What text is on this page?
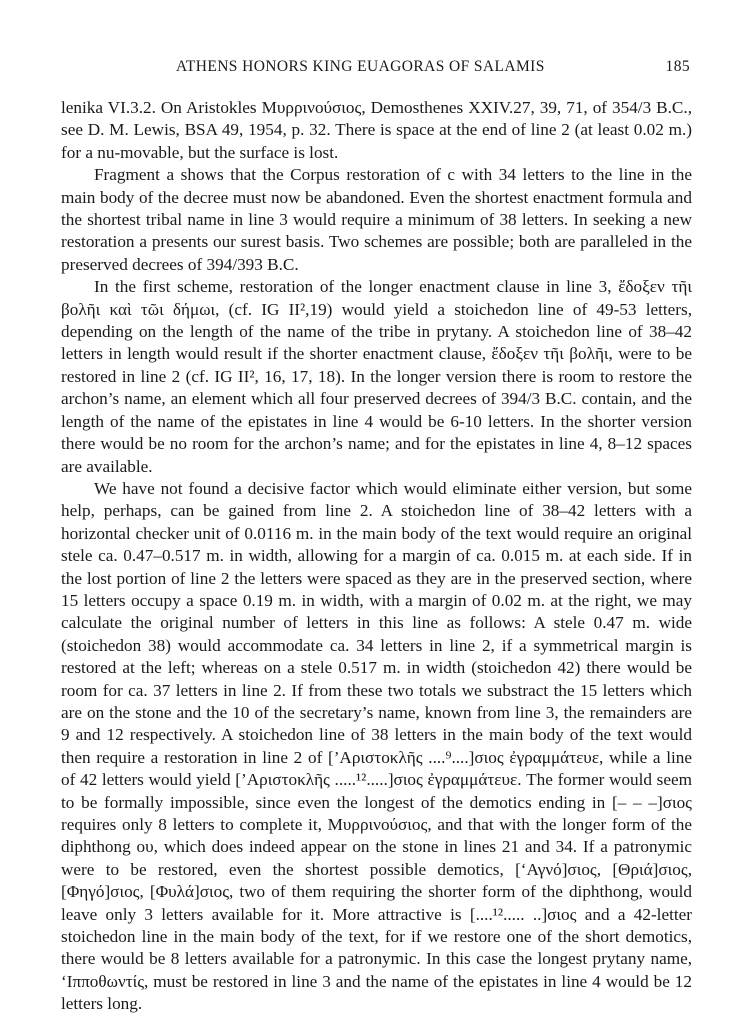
ATHENS HONORS KING EUAGORAS OF SALAMIS	185

lenika VI.3.2. On Aristokles Μυρρινούσιος, Demosthenes XXIV.27, 39, 71, of 354/3 B.C., see D. M. Lewis, BSA 49, 1954, p. 32. There is space at the end of line 2 (at least 0.02 m.) for a nu-movable, but the surface is lost.

Fragment a shows that the Corpus restoration of c with 34 letters to the line in the main body of the decree must now be abandoned. Even the shortest enactment formula and the shortest tribal name in line 3 would require a minimum of 38 letters. In seeking a new restoration a presents our surest basis. Two schemes are possible; both are paralleled in the preserved decrees of 394/393 B.C.

In the first scheme, restoration of the longer enactment clause in line 3, ἔδοξεν τῆι βολῆι καὶ τῶι δήμωι, (cf. IG II²,19) would yield a stoichedon line of 49-53 letters, depending on the length of the name of the tribe in prytany. A stoichedon line of 38–42 letters in length would result if the shorter enactment clause, ἔδοξεν τῆι βολῆι, were to be restored in line 2 (cf. IG II², 16, 17, 18). In the longer version there is room to restore the archon’s name, an element which all four preserved decrees of 394/3 B.C. contain, and the length of the name of the epistates in line 4 would be 6-10 letters. In the shorter version there would be no room for the archon’s name; and for the epistates in line 4, 8–12 spaces are available.

We have not found a decisive factor which would eliminate either version, but some help, perhaps, can be gained from line 2. A stoichedon line of 38–42 letters with a horizontal checker unit of 0.0116 m. in the main body of the text would require an original stele ca. 0.47–0.517 m. in width, allowing for a margin of ca. 0.015 m. at each side. If in the lost portion of line 2 the letters were spaced as they are in the preserved section, where 15 letters occupy a space 0.19 m. in width, with a margin of 0.02 m. at the right, we may calculate the original number of letters in this line as follows: A stele 0.47 m. wide (stoichedon 38) would accommodate ca. 34 letters in line 2, if a symmetrical margin is restored at the left; whereas on a stele 0.517 m. in width (stoichedon 42) there would be room for ca. 37 letters in line 2. If from these two totals we substract the 15 letters which are on the stone and the 10 of the secretary’s name, known from line 3, the remainders are 9 and 12 respectively. A stoichedon line of 38 letters in the main body of the text would then require a restoration in line 2 of [’Αριστοκλῆς ....⁹....]σιος ἐγραμμάτευε, while a line of 42 letters would yield [’Αριστοκλῆς .....¹².....]σιος ἐγραμμάτευε. The former would seem to be formally impossible, since even the longest of the demotics ending in [– – –]σιος requires only 8 letters to complete it, Μυρρινούσιος, and that with the longer form of the diphthong ου, which does indeed appear on the stone in lines 21 and 34. If a patronymic were to be restored, even the shortest possible demotics, [‘Αγνό]σιος, [Θριά]σιος, [Φηγό]σιος, [Φυλά]σιος, two of them requiring the shorter form of the diphthong, would leave only 3 letters available for it. More attractive is [....¹²..... ..]σιος and a 42-letter stoichedon line in the main body of the text, for if we restore one of the short demotics, there would be 8 letters available for a patronymic. In this case the longest prytany name, ‘Ιπποθωντίς, must be restored in line 3 and the name of the epistates in line 4 would be 12 letters long.
